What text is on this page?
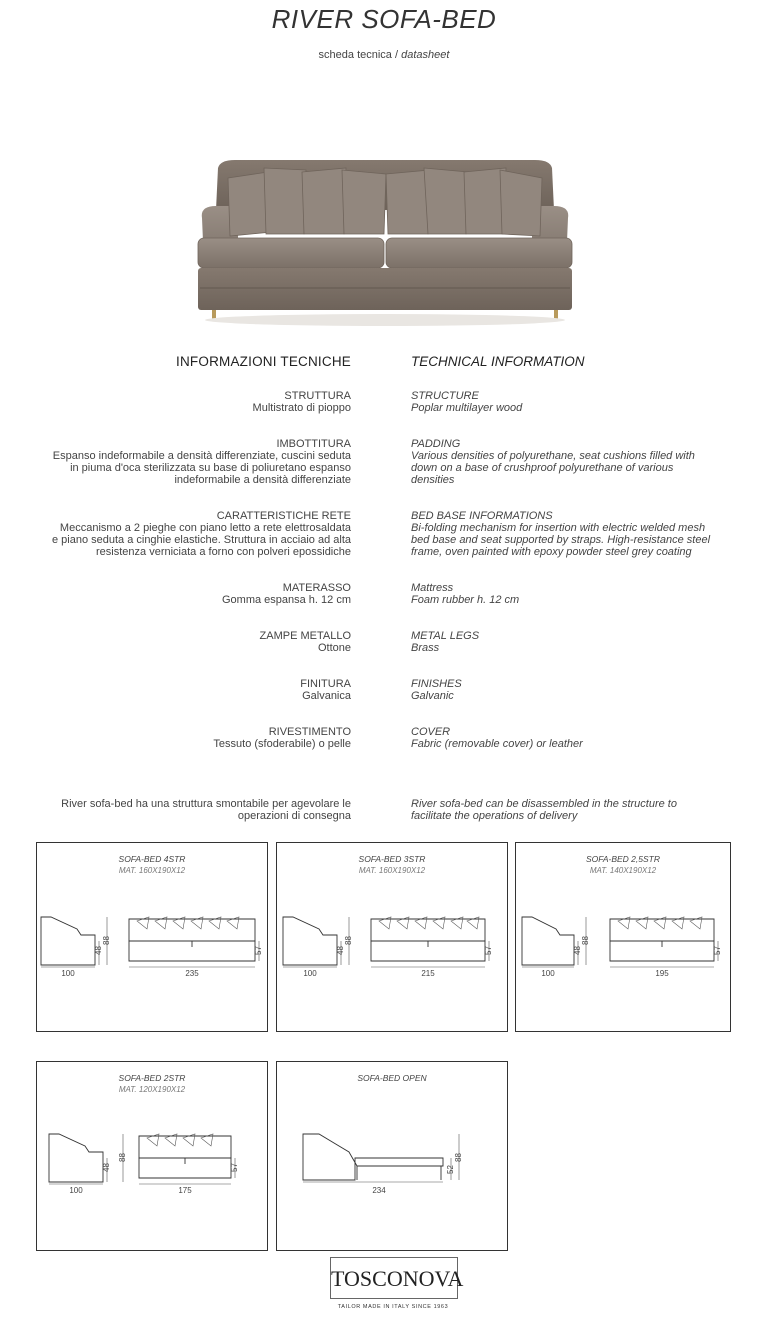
RIVER SOFA-BED
scheda tecnica / datasheet
INFORMAZIONI TECNICHE	TECHNICAL INFORMATION
STRUTTURA
Multistrato di pioppo
STRUCTURE
Poplar multilayer wood
IMBOTTITURA
Espanso indeformabile a densità differenziate, cuscini seduta
in piuma d'oca sterilizzata su base di poliuretano espanso
indeformabile a densità differenziate
PADDING
Various densities of polyurethane, seat cushions filled with
down on a base of crushproof polyurethane of various
densities
CARATTERISTICHE RETE
Meccanismo a 2 pieghe con piano letto a rete elettrosaldata
e piano seduta a cinghie elastiche. Struttura in acciaio ad alta
resistenza verniciata a forno con polveri epossidiche
BED BASE INFORMATIONS
Bi-folding mechanism for insertion with electric welded mesh
bed base and seat supported by straps. High-resistance steel
frame, oven painted with epoxy powder steel grey coating
MATERASSO
Gomma espansa h. 12 cm
Mattress
Foam rubber h. 12 cm
ZAMPE METALLO
Ottone
METAL LEGS
Brass
FINITURA
Galvanica
FINISHES
Galvanic
RIVESTIMENTO
Tessuto (sfoderabile) o pelle
COVER
Fabric (removable cover) or leather
River sofa-bed ha una struttura smontabile per agevolare le
operazioni di consegna
River sofa-bed can be disassembled in the structure to
facilitate the operations of delivery
SOFA-BED 4STR
MAT. 160X190X12
100	235
48
88
57
SOFA-BED 3STR
MAT. 160X190X12
100	215
48
88
57
SOFA-BED 2,5STR
MAT. 140X190X12
100	195
48
88
57
SOFA-BED 2STR
MAT. 120X190X12
100	175
48
88
57
SOFA-BED OPEN
234
52
88
TOSCONOVA
TAILOR MADE IN ITALY SINCE 1963
